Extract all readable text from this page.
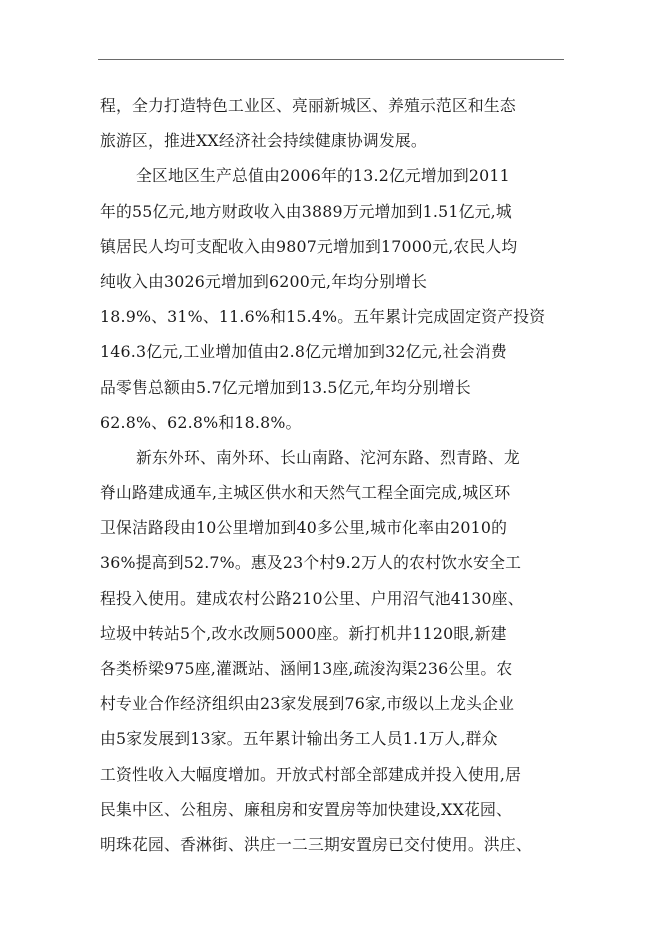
程，全力打造特色工业区、亮丽新城区、养殖示范区和生态
旅游区，推进XX经济社会持续健康协调发展。
全区地区生产总值由2006年的13.2亿元增加到2011
年的55亿元,地方财政收入由3889万元增加到1.51亿元,城
镇居民人均可支配收入由9807元增加到17000元,农民人均
纯收入由3026元增加到6200元,年均分别增长
18.9%、31%、11.6%和15.4%。五年累计完成固定资产投资
146.3亿元,工业增加值由2.8亿元增加到32亿元,社会消费
品零售总额由5.7亿元增加到13.5亿元,年均分别增长
62.8%、62.8%和18.8%。
新东外环、南外环、长山南路、沱河东路、烈青路、龙
脊山路建成通车,主城区供水和天然气工程全面完成,城区环
卫保洁路段由10公里增加到40多公里,城市化率由2010的
36%提高到52.7%。惠及23个村9.2万人的农村饮水安全工
程投入使用。建成农村公路210公里、户用沼气池4130座、
垃圾中转站5个,改水改厕5000座。新打机井1120眼,新建
各类桥梁975座,灌溉站、涵闸13座,疏浚沟渠236公里。农
村专业合作经济组织由23家发展到76家,市级以上龙头企业
由5家发展到13家。五年累计输出务工人员1.1万人,群众
工资性收入大幅度增加。开放式村部全部建成并投入使用,居
民集中区、公租房、廉租房和安置房等加快建设,XX花园、
明珠花园、香淋街、洪庄一二三期安置房已交付使用。洪庄、
